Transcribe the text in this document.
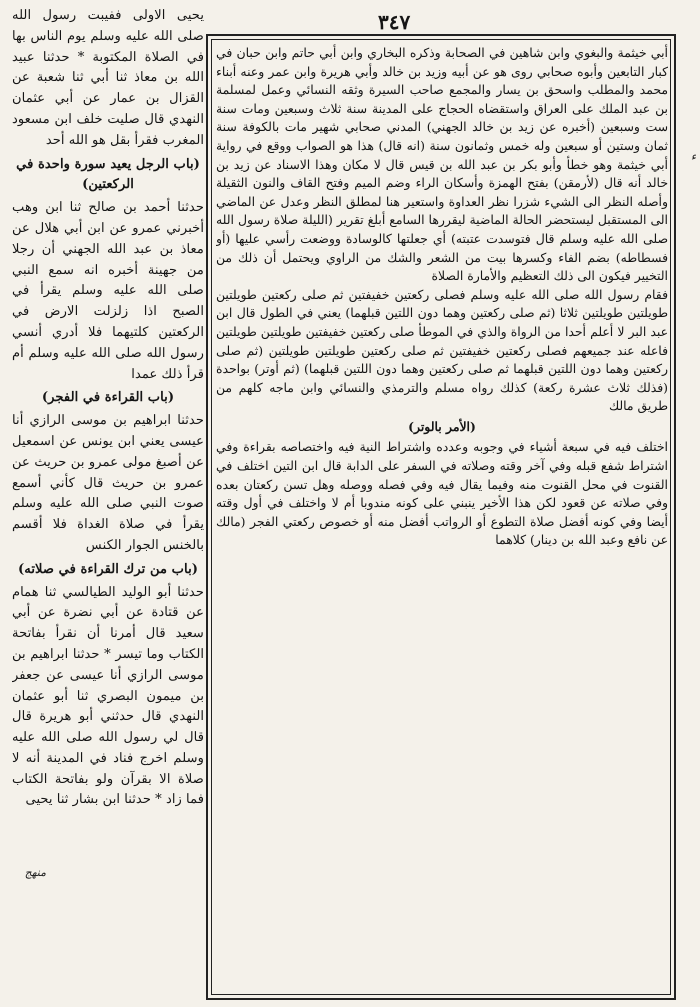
٣٤٧

يحيى الاولى ففيبت رسول الله صلى الله عليه وسلم يوم الناس بها في الصلاة المكتوبة * حدثنا عبيد الله بن معاذ ثنا أبي ثنا شعبة عن القزال بن عمار عن أبي عثمان النهدي قال صليت خلف ابن مسعود المغرب فقرأ بقل هو الله أحد

(باب الرجل يعيد سورة واحدة في الركعتين)

حدثنا أحمد بن صالح ثنا ابن وهب أخبرني عمرو عن ابن أبي هلال عن معاذ بن عبد الله الجهني أن رجلا من جهينة أخبره انه سمع النبي صلى الله عليه وسلم يقرأ في الصبح اذا زلزلت الارض في الركعتين كلتيهما فلا أدري أنسي رسول الله صلى الله عليه وسلم أم قرأ ذلك عمدا

(باب القراءة في الفجر)

حدثنا ابراهيم بن موسى الرازي أنا عيسى يعني ابن يونس عن اسمعيل عن أصبغ مولى عمرو بن حريث عن عمرو بن حريث قال كأني أسمع صوت النبي صلى الله عليه وسلم يقرأ في صلاة الغداة فلا أقسم بالخنس الجوار الكنس

(باب من ترك القراءة في صلاته)

حدثنا أبو الوليد الطيالسي ثنا همام عن قتادة عن أبي نضرة عن أبي سعيد قال أمرنا أن نقرأ بفاتحة الكتاب وما تيسر * حدثنا ابراهيم بن موسى الرازي أنا عيسى عن جعفر بن ميمون البصري ثنا أبو عثمان النهدي قال حدثني أبو هريرة قال قال لي رسول الله صلى الله عليه وسلم اخرج فناد في المدينة أنه لا صلاة الا بقرآن ولو بفاتحة الكتاب فما زاد * حدثنا ابن بشار ثنا يحيى

أبي خيثمة والبغوي وابن شاهين في الصحابة وذكره البخاري وابن أبي حاتم وابن حبان في كبار التابعين وأبوه صحابي روى هو عن أبيه وزيد بن خالد وأبي هريرة وابن عمر وعنه أبناء محمد والمطلب واسحق بن يسار والمجمع صاحب السيرة وثقه النسائي وعمل لمسلمة بن عبد الملك على العراق واستقضاه الحجاج على المدينة سنة ثلاث وسبعين ومات سنة ست وسبعين (أخبره عن زيد بن خالد الجهني) المدني صحابي شهير مات بالكوفة سنة ثمان وستين أو سبعين وله خمس وثمانون سنة (انه قال) هذا هو الصواب ووقع في رواية أبي خيثمة وهو خطأ وأبو بكر بن عبد الله بن قيس قال لا مكان وهذا الاسناد عن زيد بن خالد أنه قال (لأرمقن) بفتح الهمزة وأسكان الراء وضم الميم وفتح القاف والنون الثقيلة وأصله النظر الى الشيء شزرا نظر العداوة واستعير هنا لمطلق النظر وعدل عن الماضي الى المستقبل ليستحضر الحالة الماضية ليقررها السامع أبلغ تقرير (الليلة صلاة رسول الله صلى الله عليه وسلم قال فتوسدت عتبته) أي جعلتها كالوسادة ووضعت رأسي عليها (أو فسطاطه) بضم الفاء وكسرها بيت من الشعر والشك من الراوي ويحتمل أن ذلك من التخيير فيكون الى ذلك التعظيم والأمارة الصلاة

فقام رسول الله صلى الله عليه وسلم فصلى ركعتين خفيفتين ثم صلى ركعتين طويلتين طويلتين طويلتين ثلاثا (ثم صلى ركعتين وهما دون اللتين قبلهما) يعني في الطول قال ابن عبد البر لا أعلم أحدا من الرواة والذي في الموطأ صلى ركعتين خفيفتين طويلتين طويلتين فاعله عند جميعهم فصلى ركعتين خفيفتين ثم صلى ركعتين طويلتين طويلتين (ثم صلى ركعتين وهما دون اللتين قبلهما ثم صلى ركعتين وهما دون اللتين قبلهما) (ثم أوتر) بواحدة (فذلك ثلاث عشرة ركعة) كذلك رواه مسلم والترمذي والنسائي وابن ماجه كلهم من طريق مالك

(الأمر بالوتر)

اختلف فيه في سبعة أشياء في وجوبه وعدده واشتراط النية فيه واختصاصه بقراءة وفي اشتراط شفع قبله وفي آخر وقته وصلاته في السفر على الدابة قال ابن التين اختلف في القنوت في محل القنوت منه وفيما يقال فيه وفي فصله ووصله وهل تسن ركعتان بعده وفي صلاته عن قعود لكن هذا الأخير ينبني على كونه مندوبا أم لا واختلف في أول وقته أيضا وفي كونه أفضل صلاة التطوع أو الرواتب أفضل منه أو خصوص ركعتي الفجر (مالك عن نافع وعبد الله بن دينار) كلاهما

ء
منهج
